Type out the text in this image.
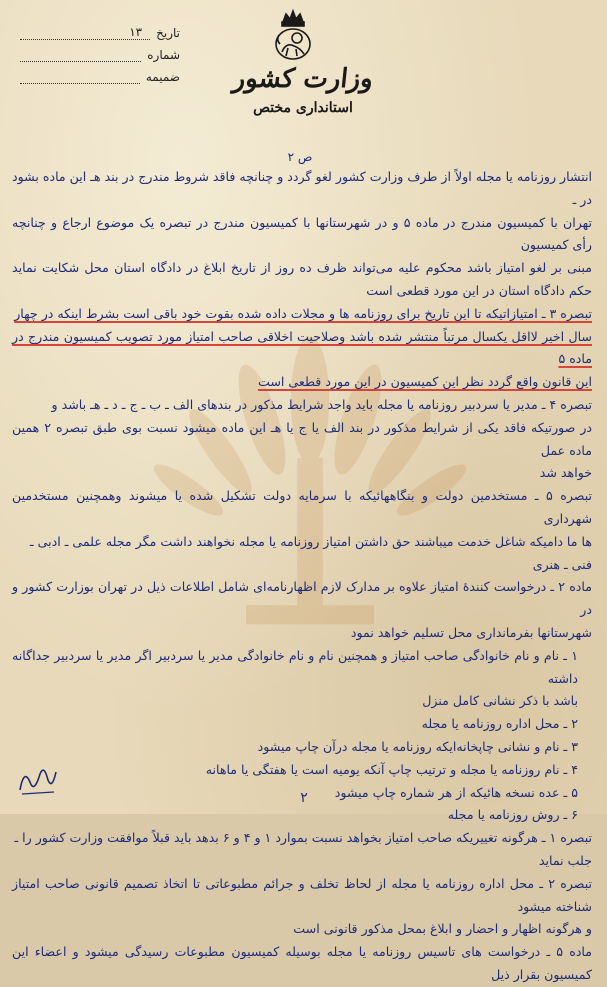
تاریخ
۱۳
شماره
ضمیمه	وزارت کشور
استانداری مختص
ص ۲

انتشار روزنامه یا مجله اولاً از طرف وزارت کشور لغو گردد و چنانچه فاقد شروط مندرج در بند هـ این ماده بشود در ـ

تهران با کمیسیون مندرج در ماده ۵ و در شهرستانها با کمیسیون مندرج در تبصره یک موضوع ارجاع و چنانچه رأی کمیسیون

مبنی بر لغو امتیاز باشد محکوم علیه می‌تواند ظرف ده روز از تاریخ ابلاغ در دادگاه استان محل شکایت نماید حکم دادگاه استان در این مورد قطعی است

تبصره ۳ ـ امتیازاتیکه تا این تاریخ برای روزنامه ها و مجلات داده شده بقوت خود باقی است بشرط اینکه در چهار

سال اخیر لااقل یکسال مرتباً منتشر شده باشد وصلاحیت اخلاقی صاحب امتیاز مورد تصویب کمیسیون مندرج در ماده ۵

این قانون واقع گردد نظر این کمیسیون در این مورد قطعی است

تبصره ۴ ـ مدیر یا سردبیر روزنامه یا مجله باید واجد شرایط مذکور در بندهای الف ـ ب ـ ج ـ د ـ هـ باشد و

در صورتیکه فاقد یکی از شرایط مذکور در بند الف یا ج یا هـ این ماده میشود نسبت بوی طبق تبصره ۲ همین ماده عمل

خواهد شد

تبصره ۵ ـ مستخدمین دولت و بنگاههائیکه با سرمایه دولت تشکیل شده یا میشوند وهمچنین مستخدمین شهرداری

ها ما دامیکه شاغل خدمت میباشند حق داشتن امتیاز روزنامه یا مجله نخواهند داشت مگر مجله علمی ـ ادبی ـ

فنی ـ هنری

ماده ۲ ـ درخواست کنندهٔ امتیاز علاوه بر مدارک لازم اظهارنامه‌ای شامل اطلاعات ذیل در تهران بوزارت کشور و در

شهرستانها بفرمانداری محل تسلیم خواهد نمود

۱ ـ نام و نام خانوادگی صاحب امتیاز و همچنین نام و نام خانوادگی مدیر یا سردبیر اگر مدیر یا سردبیر جداگانه داشته

باشد با ذکر نشانی کامل منزل

۲ ـ محل اداره روزنامه یا مجله

۳ ـ نام و نشانی چاپخانه‌ایکه روزنامه یا مجله درآن چاپ میشود

۴ ـ نام روزنامه یا مجله و ترتیب چاپ آنکه یومیه است یا هفتگی یا ماهانه

۵ ـ عده نسخه هائیکه از هر شماره چاپ میشود

۶ ـ روش روزنامه یا مجله

تبصره ۱ ـ هرگونه تغییریکه صاحب امتیاز بخواهد نسبت بموارد ۱ و ۴ و ۶ بدهد باید قبلاً موافقت وزارت کشور را ـ

جلب نماید

تبصره ۲ ـ محل اداره روزنامه یا مجله از لحاظ تخلف و جرائم مطبوعاتی تا اتخاذ تصمیم قانونی صاحب امتیاز شناخته میشود

و هرگونه اظهار و احضار و ابلاغ بمحل مذکور قانونی است

ماده ۵ ـ درخواست های تاسیس روزنامه یا مجله بوسیله کمیسیون مطبوعات رسیدگی میشود و اعضاء این کمیسیون بقرار ذیل

۲
